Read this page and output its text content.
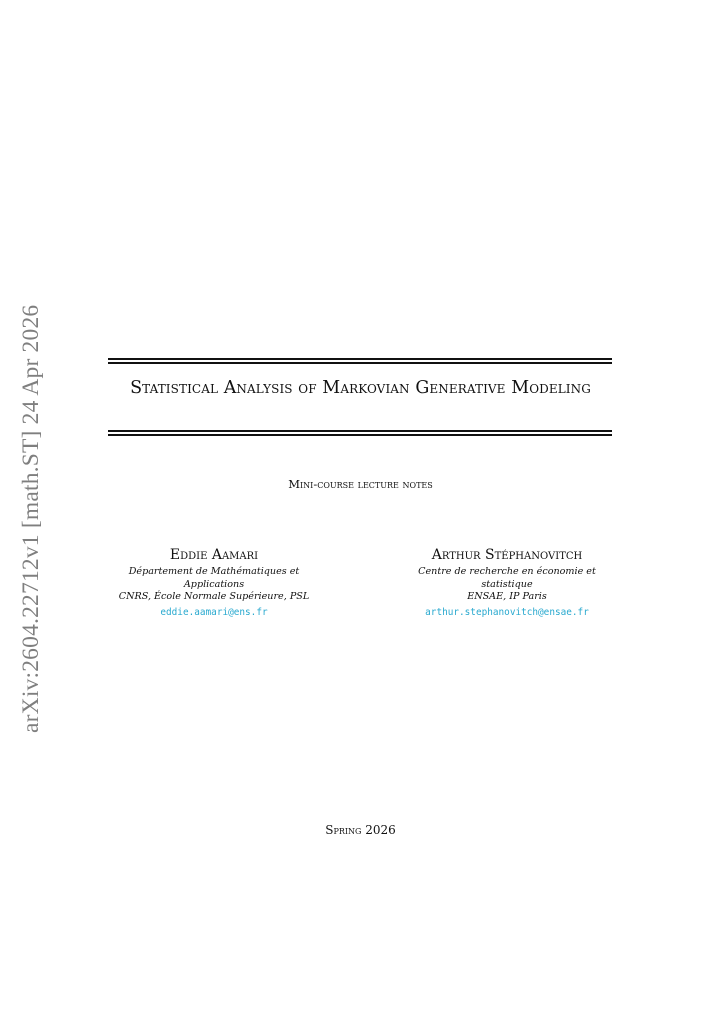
arXiv:2604.22712v1 [math.ST] 24 Apr 2026	Statistical Analysis of Markovian Generative Modeling
Mini-course lecture notes
Eddie Aamari
Département de Mathématiques et Applications
CNRS, École Normale Supérieure, PSL
eddie.aamari@ens.fr
Arthur Stéphanovitch
Centre de recherche en économie et statistique
ENSAE, IP Paris
arthur.stephanovitch@ensae.fr
Spring 2026
